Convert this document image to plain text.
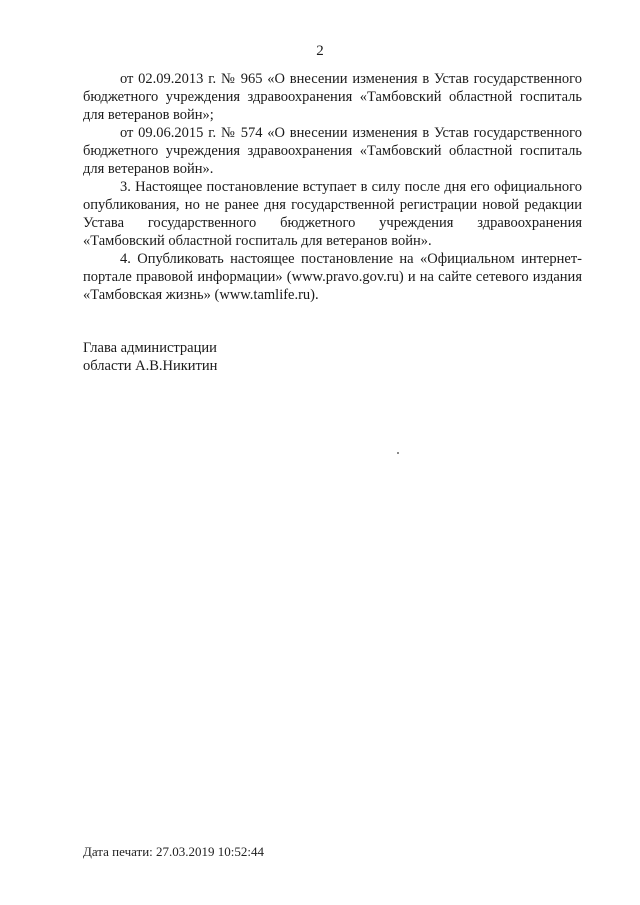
2

от 02.09.2013 г. № 965 «О внесении изменения в Устав государственного бюджетного учреждения здравоохранения «Тамбовский областной госпиталь для ветеранов войн»;

от 09.06.2015 г. № 574 «О внесении изменения в Устав государственного бюджетного учреждения здравоохранения «Тамбовский областной госпиталь для ветеранов войн».

3. Настоящее постановление вступает в силу после дня его официального опубликования, но не ранее дня государственной регистрации новой редакции Устава государственного бюджетного учреждения здравоохранения «Тамбовский областной госпиталь для ветеранов войн».

4. Опубликовать настоящее постановление на «Официальном интернет-портале правовой информации» (www.pravo.gov.ru) и на сайте сетевого издания «Тамбовская жизнь» (www.tamlife.ru).

Глава администрации
области А.В.Никитин
Дата печати: 27.03.2019 10:52:44
